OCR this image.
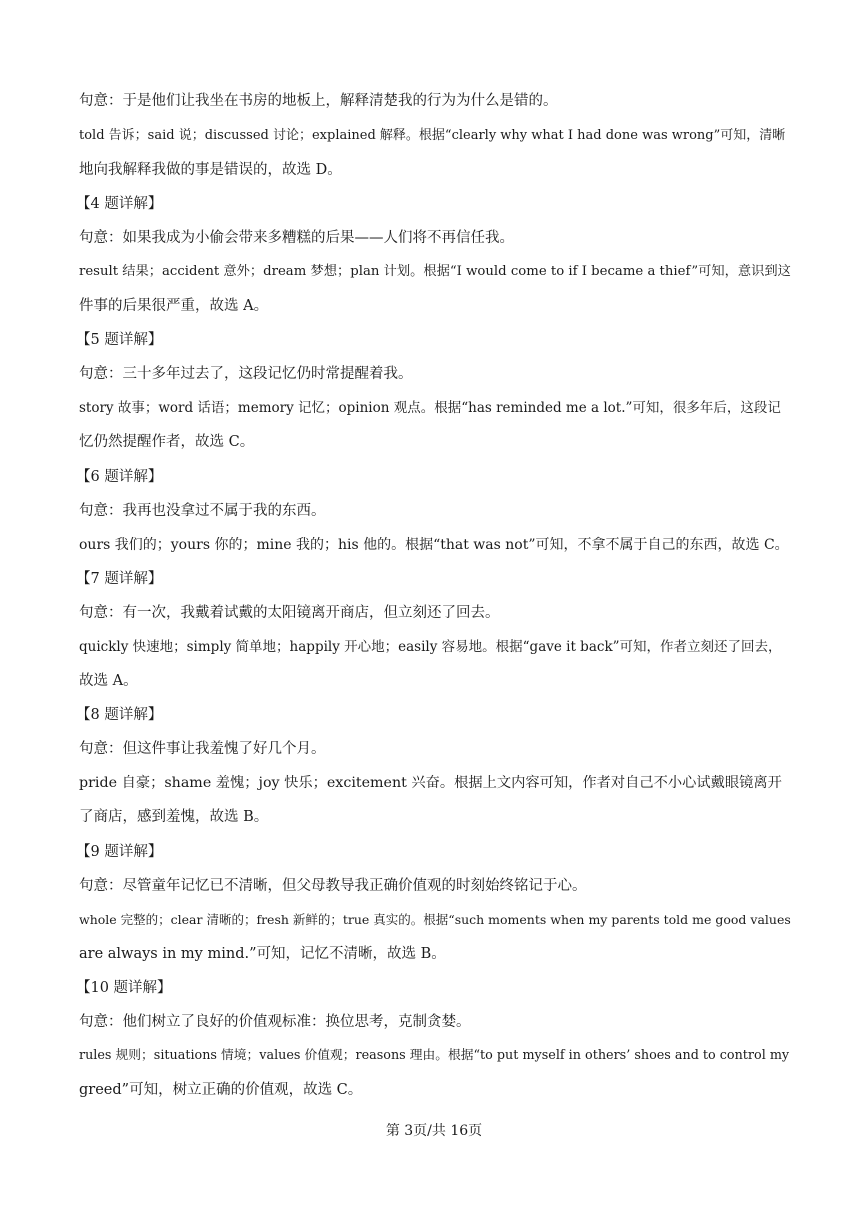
句意：于是他们让我坐在书房的地板上，解释清楚我的行为为什么是错的。
told 告诉；said 说；discussed 讨论；explained 解释。根据“clearly why what I had done was wrong”可知，清晰
地向我解释我做的事是错误的，故选 D。
【4 题详解】
句意：如果我成为小偷会带来多糟糕的后果——人们将不再信任我。
result 结果；accident 意外；dream 梦想；plan 计划。根据“I would come to if I became a thief”可知，意识到这
件事的后果很严重，故选 A。
【5 题详解】
句意：三十多年过去了，这段记忆仍时常提醒着我。
story 故事；word 话语；memory 记忆；opinion 观点。根据“has reminded me a lot.”可知，很多年后，这段记
忆仍然提醒作者，故选 C。
【6 题详解】
句意：我再也没拿过不属于我的东西。
ours 我们的；yours 你的；mine 我的；his 他的。根据“that was not”可知，不拿不属于自己的东西，故选 C。
【7 题详解】
句意：有一次，我戴着试戴的太阳镜离开商店，但立刻还了回去。
quickly 快速地；simply 简单地；happily 开心地；easily 容易地。根据“gave it back”可知，作者立刻还了回去，
故选 A。
【8 题详解】
句意：但这件事让我羞愧了好几个月。
pride 自豪；shame 羞愧；joy 快乐；excitement 兴奋。根据上文内容可知，作者对自己不小心试戴眼镜离开
了商店，感到羞愧，故选 B。
【9 题详解】
句意：尽管童年记忆已不清晰，但父母教导我正确价值观的时刻始终铭记于心。
whole 完整的；clear 清晰的；fresh 新鲜的；true 真实的。根据“such moments when my parents told me good values
are always in my mind.”可知，记忆不清晰，故选 B。
【10 题详解】
句意：他们树立了良好的价值观标准：换位思考，克制贪婪。
rules 规则；situations 情境；values 价值观；reasons 理由。根据“to put myself in others’ shoes and to control my
greed”可知，树立正确的价值观，故选 C。
第 3页/共 16页
